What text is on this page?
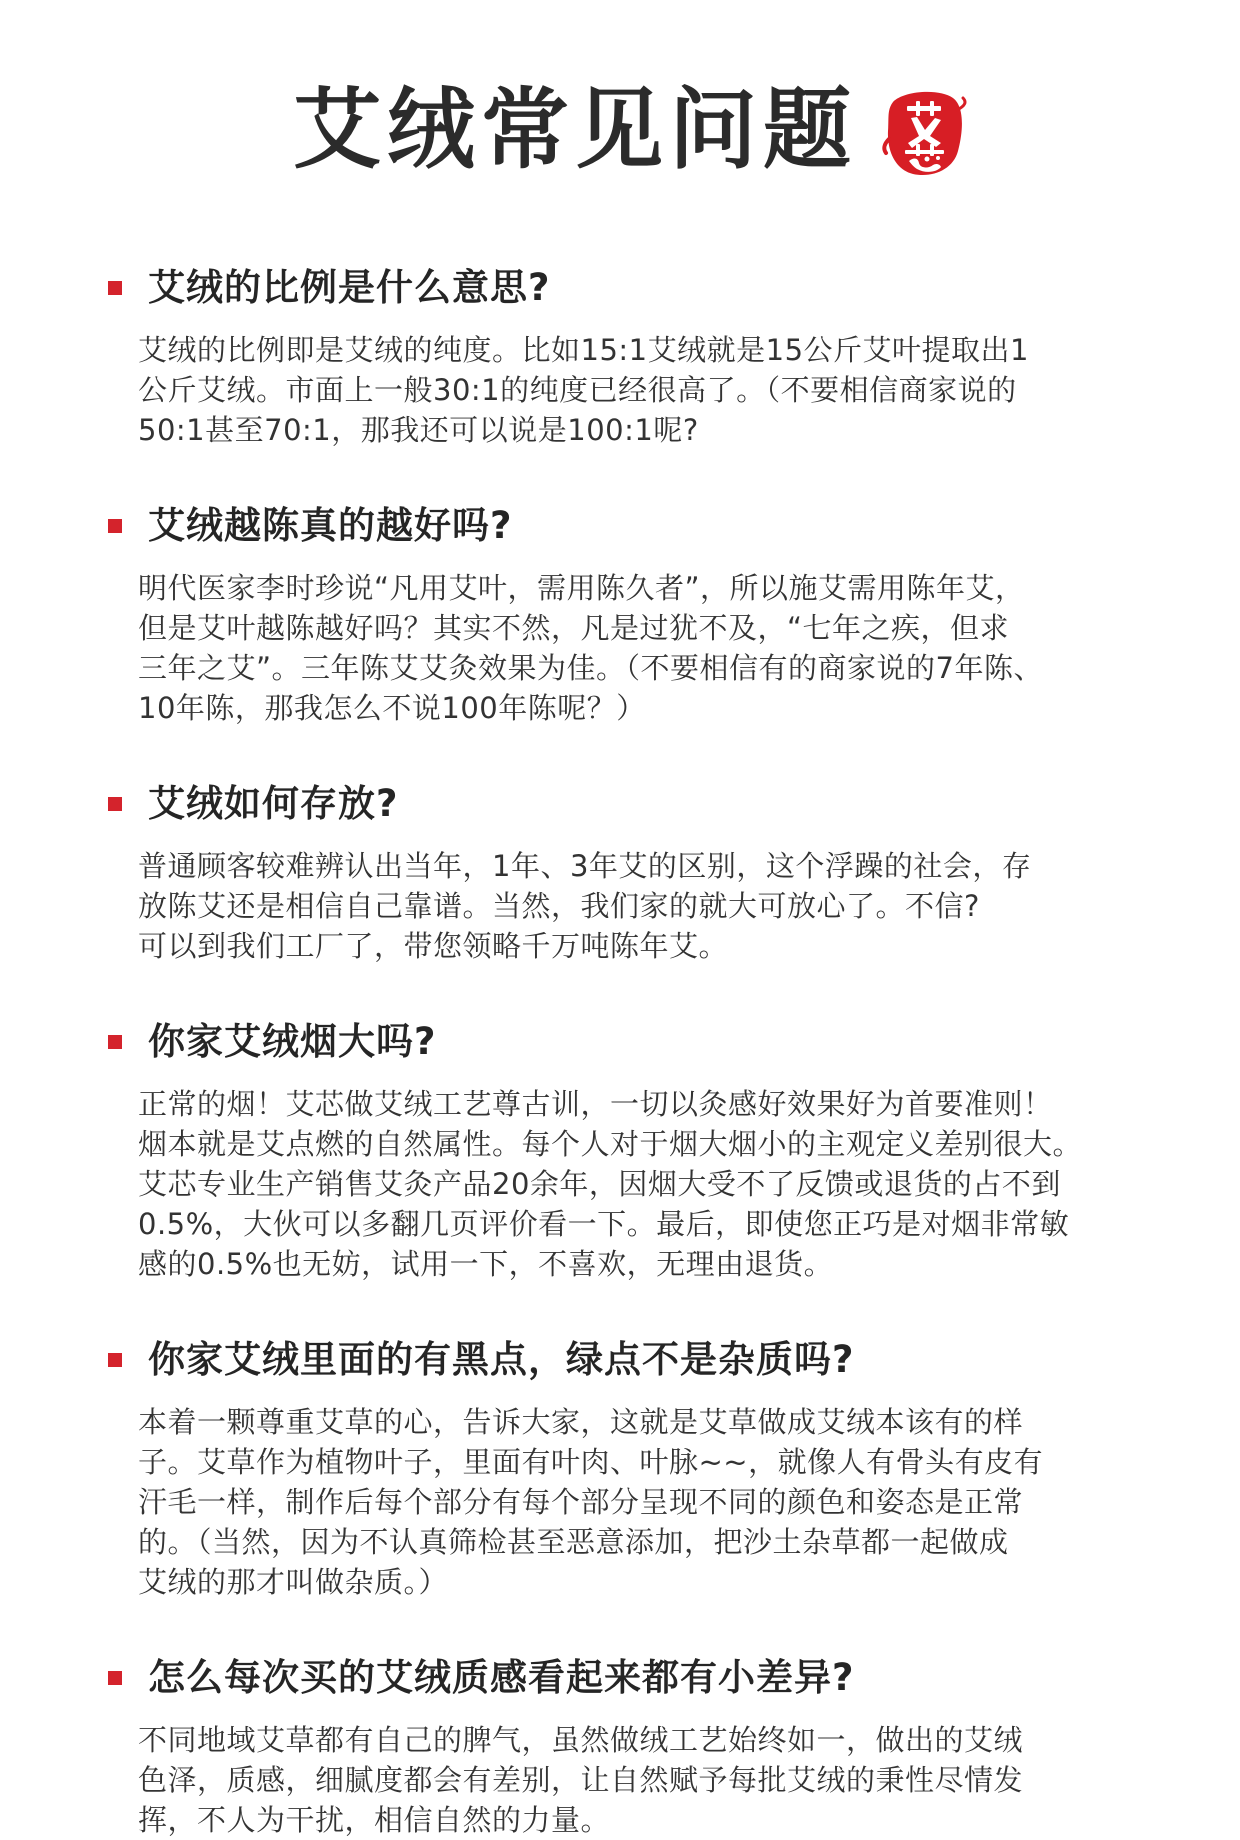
艾绒常见问题
艾绒的比例是什么意思?
艾绒的比例即是艾绒的纯度。比如15:1艾绒就是15公斤艾叶提取出1
公斤艾绒。市面上一般30:1的纯度已经很高了。（不要相信商家说的
50:1甚至70:1，那我还可以说是100:1呢?
艾绒越陈真的越好吗?
明代医家李时珍说“凡用艾叶，需用陈久者”，所以施艾需用陈年艾，
但是艾叶越陈越好吗？其实不然，凡是过犹不及，“七年之疾，但求
三年之艾”。三年陈艾艾灸效果为佳。（不要相信有的商家说的7年陈、
10年陈，那我怎么不说100年陈呢？）
艾绒如何存放?
普通顾客较难辨认出当年，1年、3年艾的区别，这个浮躁的社会，存
放陈艾还是相信自己靠谱。当然，我们家的就大可放心了。不信?
可以到我们工厂了，带您领略千万吨陈年艾。
你家艾绒烟大吗?
正常的烟！艾芯做艾绒工艺尊古训，一切以灸感好效果好为首要准则！
烟本就是艾点燃的自然属性。每个人对于烟大烟小的主观定义差别很大。
艾芯专业生产销售艾灸产品20余年，因烟大受不了反馈或退货的占不到
0.5%，大伙可以多翻几页评价看一下。最后，即使您正巧是对烟非常敏
感的0.5%也无妨，试用一下，不喜欢，无理由退货。
你家艾绒里面的有黑点，绿点不是杂质吗?
本着一颗尊重艾草的心，告诉大家，这就是艾草做成艾绒本该有的样
子。艾草作为植物叶子，里面有叶肉、叶脉~~，就像人有骨头有皮有
汗毛一样，制作后每个部分有每个部分呈现不同的颜色和姿态是正常
的。（当然，因为不认真筛检甚至恶意添加，把沙土杂草都一起做成
艾绒的那才叫做杂质。）
怎么每次买的艾绒质感看起来都有小差异?
不同地域艾草都有自己的脾气，虽然做绒工艺始终如一，做出的艾绒
色泽，质感，细腻度都会有差别，让自然赋予每批艾绒的秉性尽情发
挥，不人为干扰，相信自然的力量。
